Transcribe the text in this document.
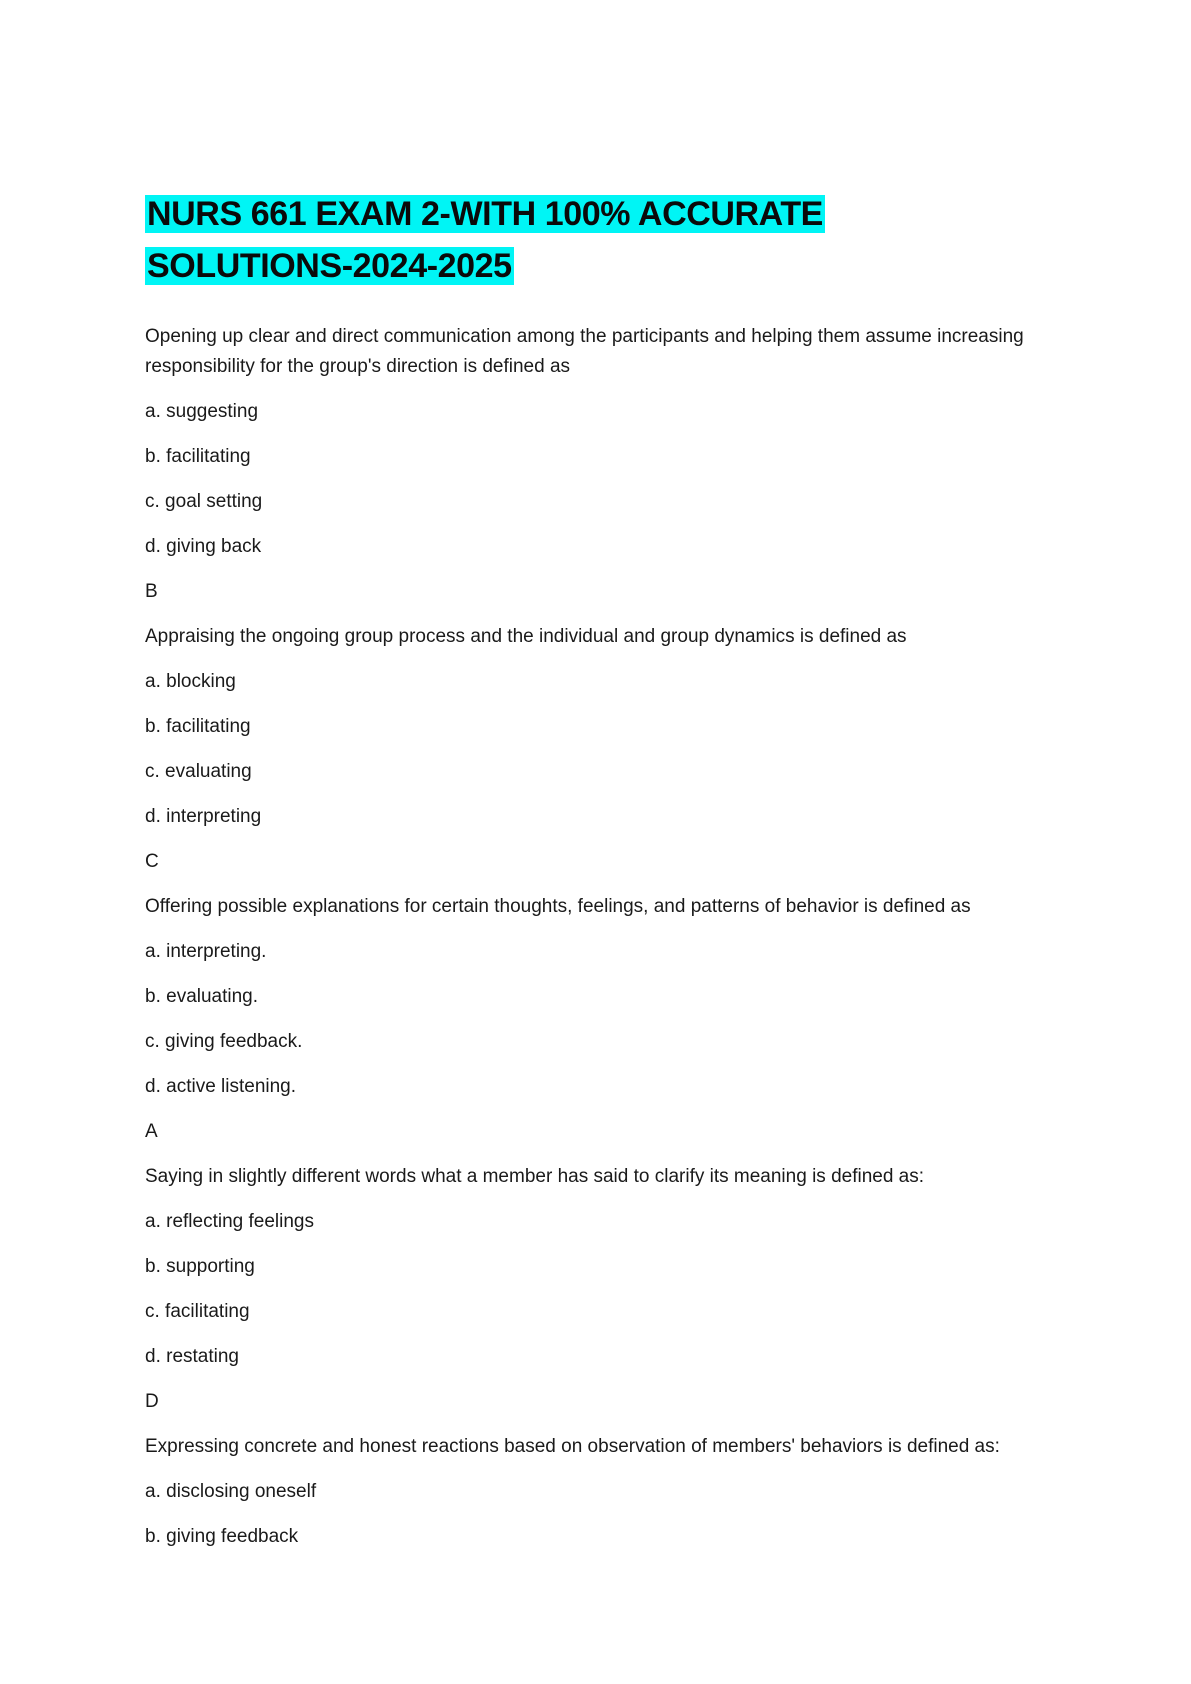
NURS 661 EXAM 2-WITH 100% ACCURATE
SOLUTIONS-2024-2025

Opening up clear and direct communication among the participants and helping them assume increasing responsibility for the group's direction is defined as

a. suggesting

b. facilitating

c. goal setting

d. giving back

B

Appraising the ongoing group process and the individual and group dynamics is defined as

a. blocking

b. facilitating

c. evaluating

d. interpreting

C

Offering possible explanations for certain thoughts, feelings, and patterns of behavior is defined as

a. interpreting.

b. evaluating.

c. giving feedback.

d. active listening.

A

Saying in slightly different words what a member has said to clarify its meaning is defined as:

a. reflecting feelings

b. supporting

c. facilitating

d. restating

D

Expressing concrete and honest reactions based on observation of members' behaviors is defined as:

a. disclosing oneself

b. giving feedback
